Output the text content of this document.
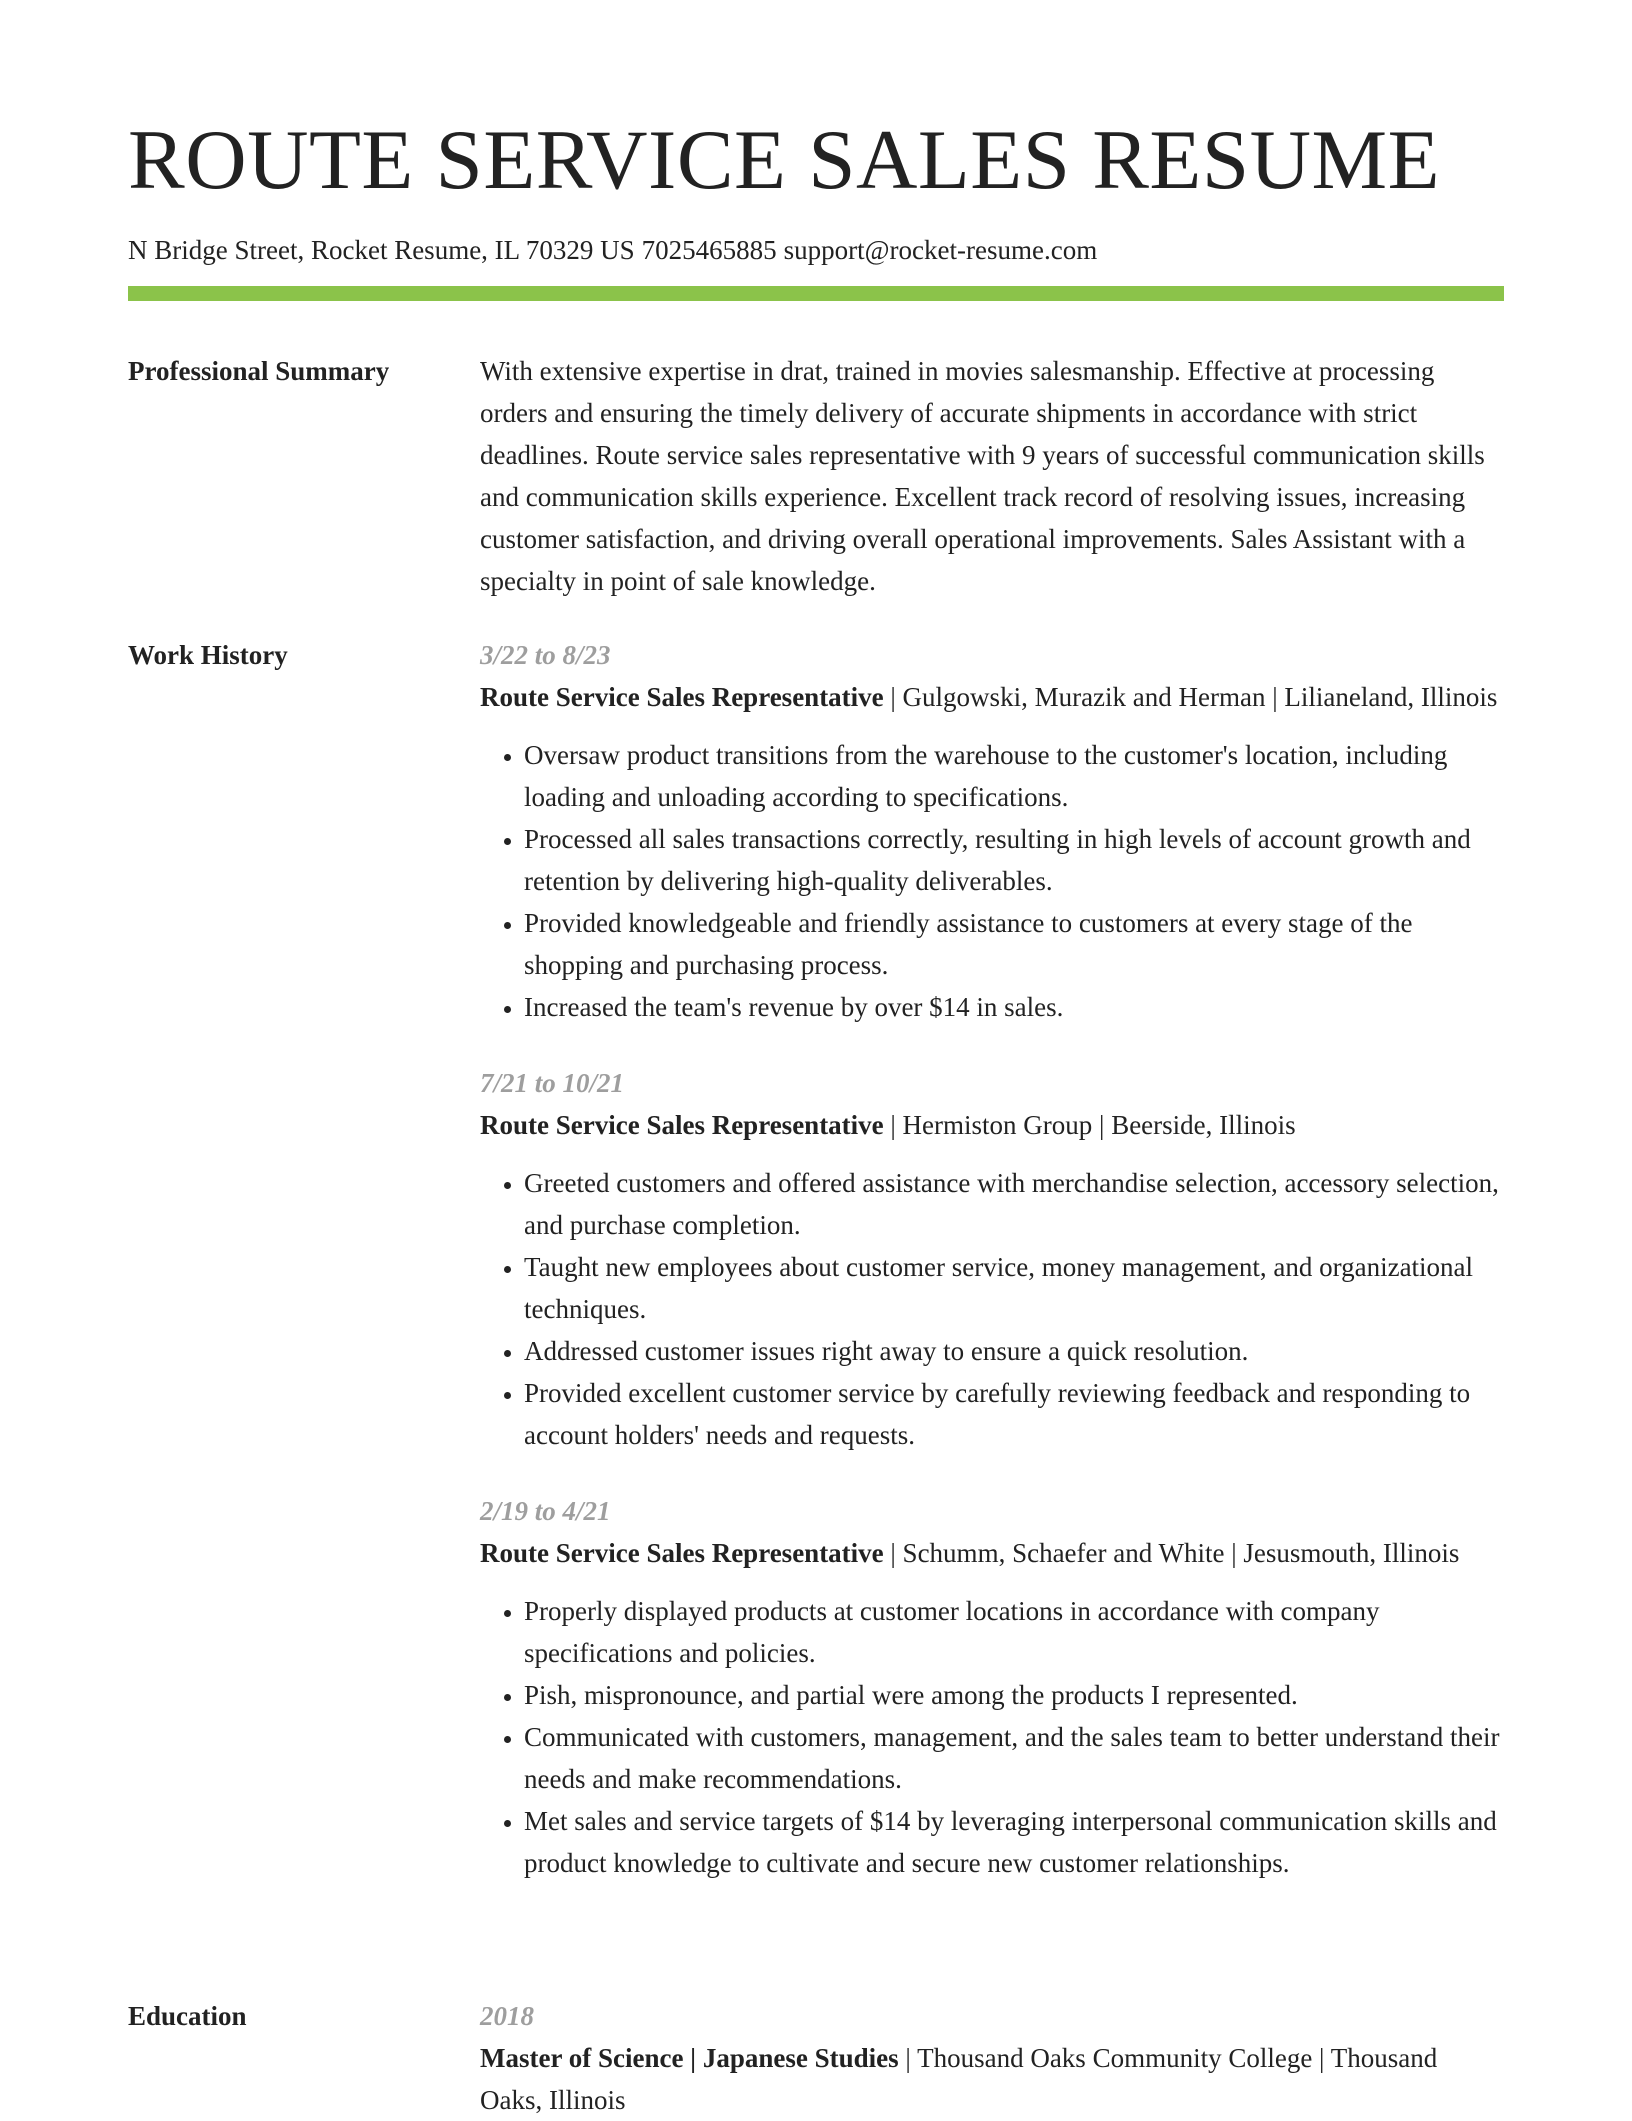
ROUTE SERVICE SALES RESUME
N Bridge Street, Rocket Resume, IL 70329 US 7025465885 support@rocket-resume.com
Professional Summary	With extensive expertise in drat, trained in movies salesmanship. Effective at processing orders and ensuring the timely delivery of accurate shipments in accordance with strict deadlines. Route service sales representative with 9 years of successful communication skills and communication skills experience. Excellent track record of resolving issues, increasing customer satisfaction, and driving overall operational improvements. Sales Assistant with a specialty in point of sale knowledge.

Work History	3/22 to 8/23

Route Service Sales Representative | Gulgowski, Murazik and Herman | Lilianeland, Illinois

• Oversaw product transitions from the warehouse to the customer's location, including loading and unloading according to specifications.
• Processed all sales transactions correctly, resulting in high levels of account growth and retention by delivering high-quality deliverables.
• Provided knowledgeable and friendly assistance to customers at every stage of the shopping and purchasing process.
• Increased the team's revenue by over $14 in sales.

7/21 to 10/21

Route Service Sales Representative | Hermiston Group | Beerside, Illinois

• Greeted customers and offered assistance with merchandise selection, accessory selection, and purchase completion.
• Taught new employees about customer service, money management, and organizational techniques.
• Addressed customer issues right away to ensure a quick resolution.
• Provided excellent customer service by carefully reviewing feedback and responding to account holders' needs and requests.

2/19 to 4/21

Route Service Sales Representative | Schumm, Schaefer and White | Jesusmouth, Illinois

• Properly displayed products at customer locations in accordance with company specifications and policies.
• Pish, mispronounce, and partial were among the products I represented.
• Communicated with customers, management, and the sales team to better understand their needs and make recommendations.
• Met sales and service targets of $14 by leveraging interpersonal communication skills and product knowledge to cultivate and secure new customer relationships.
Education	2018

Master of Science | Japanese Studies | Thousand Oaks Community College | Thousand Oaks, Illinois
